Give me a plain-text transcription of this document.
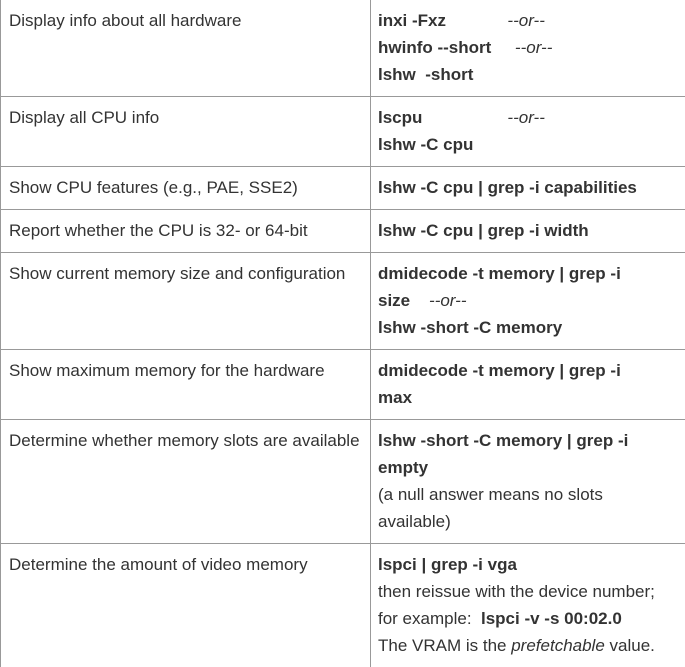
Display info about all hardware	inxi -Fxz             --or--
hwinfo --short     --or--
lshw  -short

Display all CPU info	lscpu                  --or--
lshw -C cpu

Show CPU features (e.g., PAE, SSE2)	lshw -C cpu | grep -i capabilities

Report whether the CPU is 32- or 64-bit	lshw -C cpu | grep -i width

Show current memory size and configuration	dmidecode -t memory | grep -i
size    --or--
lshw -short -C memory

Show maximum memory for the hardware	dmidecode -t memory | grep -i
max

Determine whether memory slots are available	lshw -short -C memory | grep -i
empty
(a null answer means no slots
available)

Determine the amount of video memory	lspci | grep -i vga
then reissue with the device number;
for example:  lspci -v -s 00:02.0
The VRAM is the prefetchable value.
